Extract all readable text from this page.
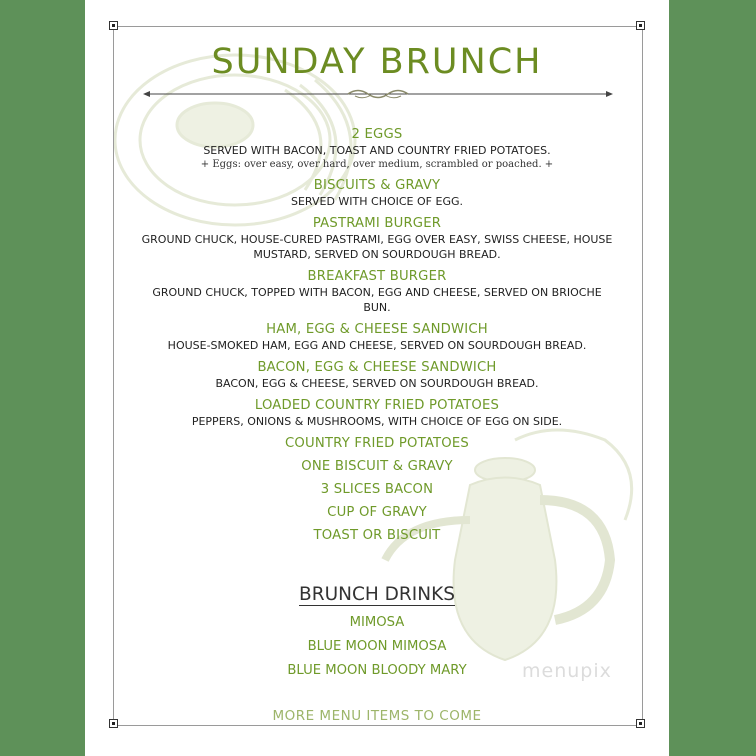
SUNDAY BRUNCH
2 EGGS
SERVED WITH BACON, TOAST AND COUNTRY FRIED POTATOES.
+ Eggs: over easy, over hard, over medium, scrambled or poached. +
BISCUITS & GRAVY
SERVED WITH CHOICE OF EGG.
PASTRAMI BURGER
GROUND CHUCK, HOUSE-CURED PASTRAMI, EGG OVER EASY, SWISS CHEESE, HOUSE MUSTARD, SERVED ON SOURDOUGH BREAD.
BREAKFAST BURGER
GROUND CHUCK, TOPPED WITH BACON, EGG AND CHEESE, SERVED ON BRIOCHE BUN.
HAM, EGG & CHEESE SANDWICH
HOUSE-SMOKED HAM, EGG AND CHEESE, SERVED ON SOURDOUGH BREAD.
BACON, EGG & CHEESE SANDWICH
BACON, EGG & CHEESE, SERVED ON SOURDOUGH BREAD.
LOADED COUNTRY FRIED POTATOES
PEPPERS, ONIONS & MUSHROOMS, WITH CHOICE OF EGG ON SIDE.
COUNTRY FRIED POTATOES
ONE BISCUIT & GRAVY
3 SLICES BACON
CUP OF GRAVY
TOAST OR BISCUIT
BRUNCH DRINKS
MIMOSA
BLUE MOON MIMOSA
BLUE MOON BLOODY MARY	menupix
MORE MENU ITEMS TO COME
